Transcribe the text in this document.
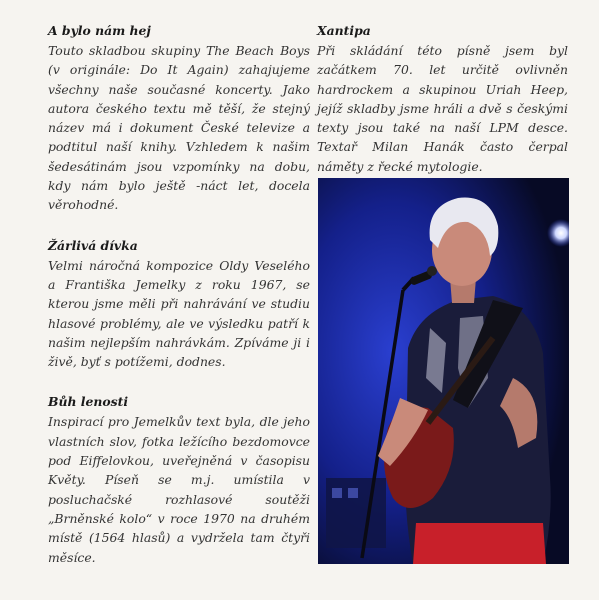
A bylo nám hej

Touto skladbou skupiny The Beach Boys (v originále: Do It Again) zahajujeme všechny naše současné koncerty. Jako autora českého textu mě těší, že stejný název má i dokument České televize a podtitul naší knihy. Vzhledem k našim šedesátinám jsou vzpomínky na dobu, kdy nám bylo ještě -náct let, docela věrohodné.

Žárlivá dívka

Velmi náročná kompozice Oldy Veselého a Františka Jemelky z roku 1967, se kterou jsme měli při nahrávání ve studiu hlasové problémy, ale ve výsledku patří k našim nejlepším nahrávkám. Zpíváme ji i živě, byť s potížemi, dodnes.

Bůh lenosti

Inspirací pro Jemelkův text byla, dle jeho vlastních slov, fotka ležícího bezdomovce pod Eiffelovkou, uveřejněná v časopisu Květy. Píseň se m.j. umístila v posluchačské rozhlasové soutěži „Brněnské kolo“ v roce 1970 na druhém místě (1564 hlasů) a vydržela tam čtyři měsíce.

Xantipa

Při skládání této písně jsem byl začátkem 70. let určitě ovlivněn hardrockem a skupinou Uriah Heep, jejíž skladby jsme hráli a dvě s českými texty jsou také na naší LPM desce. Textař Milan Hanák často čerpal náměty z řecké mytologie.
